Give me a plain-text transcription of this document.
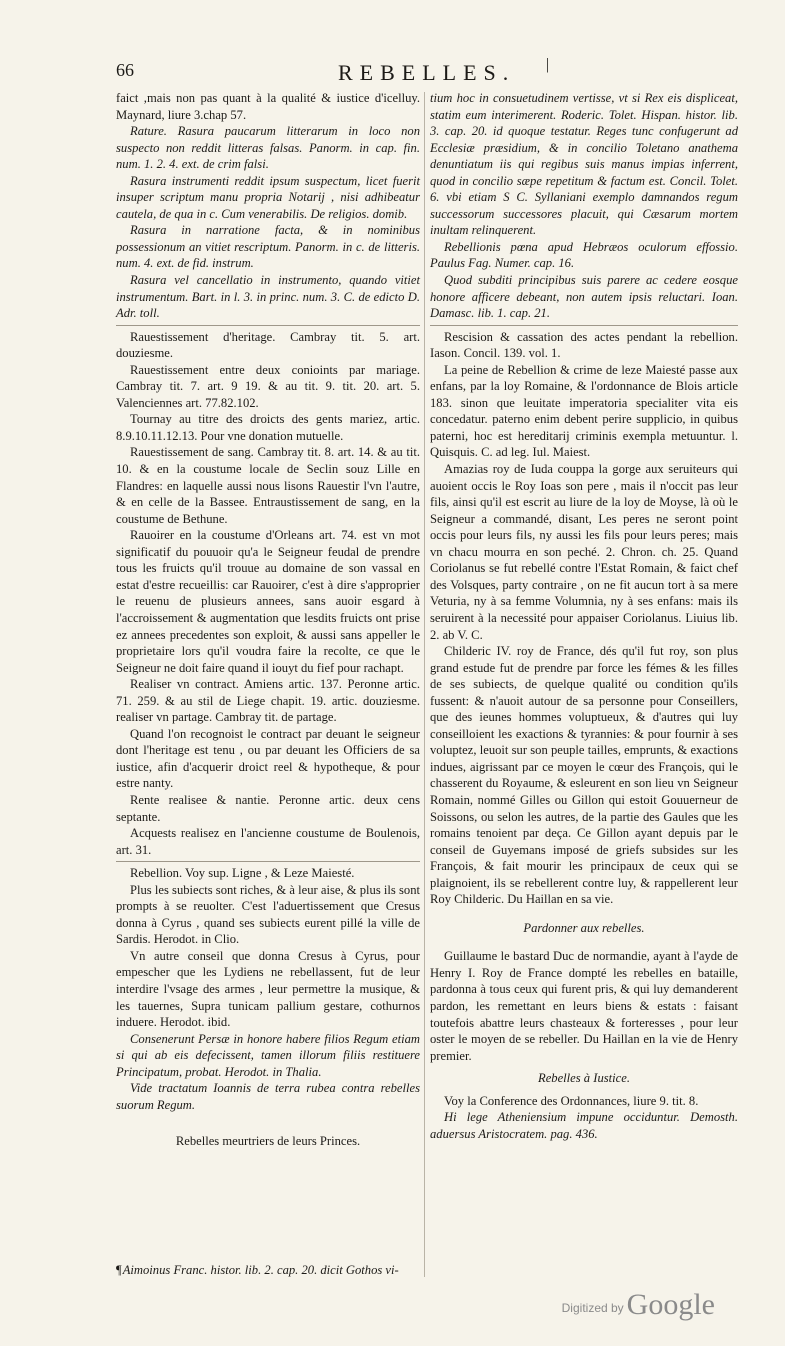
66	REBELLES. |

faict ,mais non pas quant à la qualité & iustice d'icelluy. Maynard, liure 3.chap 57.

Rature. Rasura paucarum litterarum in loco non suspecto non reddit litteras falsas. Panorm. in cap. fin. num. 1. 2. 4. ext. de crim falsi.

Rasura instrumenti reddit ipsum suspectum, licet fuerit insuper scriptum manu propria Notarij , nisi adhibeatur cautela, de qua in c. Cum venerabilis. De religios. domib.

Rasura in narratione facta, & in nominibus possessionum an vitiet rescriptum. Panorm. in c. de litteris. num. 4. ext. de fid. instrum.

Rasura vel cancellatio in instrumento, quando vitiet instrumentum. Bart. in l. 3. in princ. num. 3. C. de edicto D. Adr. toll.

Rauestissement d'heritage. Cambray tit. 5. art. douziesme.

Rauestissement entre deux conioints par mariage. Cambray tit. 7. art. 9 19. & au tit. 9. tit. 20. art. 5. Valenciennes art. 77.82.102.

Tournay au titre des droicts des gents mariez, artic. 8.9.10.11.12.13. Pour vne donation mutuelle.

Rauestissement de sang. Cambray tit. 8. art. 14. & au tit. 10. & en la coustume locale de Seclin souz Lille en Flandres: en laquelle aussi nous lisons Rauestir l'vn l'autre, & en celle de la Bassee. Entraustissement de sang, en la coustume de Bethune.

Rauoirer en la coustume d'Orleans art. 74. est vn mot significatif du pouuoir qu'a le Seigneur feudal de prendre tous les fruicts qu'il trouue au domaine de son vassal en estat d'estre recueillis: car Rauoirer, c'est à dire s'approprier le reuenu de plusieurs annees, sans auoir esgard à l'accroissement & augmentation que lesdits fruicts ont prise ez annees precedentes son exploit, & aussi sans appeller le proprietaire lors qu'il voudra faire la recolte, ce que le Seigneur ne doit faire quand il iouyt du fief pour rachapt.

Realiser vn contract. Amiens artic. 137. Peronne artic. 71. 259. & au stil de Liege chapit. 19. artic. douziesme. realiser vn partage. Cambray tit. de partage.

Quand l'on recognoist le contract par deuant le seigneur dont l'heritage est tenu , ou par deuant les Officiers de sa iustice, afin d'acquerir droict reel & hypotheque, & pour estre nanty.

Rente realisee & nantie. Peronne artic. deux cens septante.

Acquests realisez en l'ancienne coustume de Boulenois, art. 31.

Rebellion. Voy sup. Ligne , & Leze Maiesté.

Plus les subiects sont riches, & à leur aise, & plus ils sont prompts à se reuolter. C'est l'aduertissement que Cresus donna à Cyrus , quand ses subiects eurent pillé la ville de Sardis. Herodot. in Clio.

Vn autre conseil que donna Cresus à Cyrus, pour empescher que les Lydiens ne rebellassent, fut de leur interdire l'vsage des armes , leur permettre la musique, & les tauernes, Supra tunicam pallium gestare, cothurnos induere. Herodot. ibid.

Consenerunt Persæ in honore habere filios Regum etiam si qui ab eis defecissent, tamen illorum filiis restituere Principatum, probat. Herodot. in Thalia.

Vide tractatum Ioannis de terra rubea contra rebelles suorum Regum.

Rebelles meurtriers de leurs Princes.

¶Aimoinus Franc. histor. lib. 2. cap. 20. dicit Gothos vi-

tium hoc in consuetudinem vertisse, vt si Rex eis displiceat, statim eum interimerent. Roderic. Tolet. Hispan. histor. lib. 3. cap. 20. id quoque testatur. Reges tunc confugerunt ad Ecclesiæ præsidium, & in concilio Toletano anathema denuntiatum iis qui regibus suis manus impias inferrent, quod in concilio sæpe repetitum & factum est. Concil. Tolet. 6. vbi etiam S C. Syllaniani exemplo damnandos regum successorum successores placuit, qui Cæsarum mortem inultam relinquerent.

Rebellionis pœna apud Hebræos oculorum effossio. Paulus Fag. Numer. cap. 16.

Quod subditi principibus suis parere ac cedere eosque honore afficere debeant, non autem ipsis reluctari. Ioan. Damasc. lib. 1. cap. 21.

Rescision & cassation des actes pendant la rebellion. Iason. Concil. 139. vol. 1.

La peine de Rebellion & crime de leze Maiesté passe aux enfans, par la loy Romaine, & l'ordonnance de Blois article 183. sinon que leuitate imperatoria specialiter vita eis concedatur. paterno enim debent perire supplicio, in quibus paterni, hoc est hereditarij criminis exempla metuuntur. l. Quisquis. C. ad leg. Iul. Maiest.

Amazias roy de Iuda couppa la gorge aux seruiteurs qui auoient occis le Roy Ioas son pere , mais il n'occit pas leur fils, ainsi qu'il est escrit au liure de la loy de Moyse, là où le Seigneur a commandé, disant, Les peres ne seront point occis pour leurs fils, ny aussi les fils pour leurs peres; mais vn chacu mourra en son peché. 2. Chron. ch. 25. Quand Coriolanus se fut rebellé contre l'Estat Romain, & faict chef des Volsques, party contraire , on ne fit aucun tort à sa mere Veturia, ny à sa femme Volumnia, ny à ses enfans: mais ils seruirent à la necessité pour appaiser Coriolanus. Liuius lib. 2. ab V. C.

Childeric IV. roy de France, dés qu'il fut roy, son plus grand estude fut de prendre par force les fémes & les filles de ses subiects, de quelque qualité ou condition qu'ils fussent: & n'auoit autour de sa personne pour Conseillers, que des ieunes hommes voluptueux, & d'autres qui luy conseilloient les exactions & tyrannies: & pour fournir à ses voluptez, leuoit sur son peuple tailles, emprunts, & exactions indues, aigrissant par ce moyen le cœur des François, qui le chasserent du Royaume, & esleurent en son lieu vn Seigneur Romain, nommé Gilles ou Gillon qui estoit Gouuerneur de Soissons, ou selon les autres, de la partie des Gaules que les romains tenoient par deça. Ce Gillon ayant depuis par le conseil de Guyemans imposé de griefs subsides sur les François, & fait mourir les principaux de ceux qui se plaignoient, ils se rebellerent contre luy, & rappellerent leur Roy Childeric. Du Haillan en sa vie.

Pardonner aux rebelles.

Guillaume le bastard Duc de normandie, ayant à l'ayde de Henry I. Roy de France dompté les rebelles en bataille, pardonna à tous ceux qui furent pris, & qui luy demanderent pardon, les remettant en leurs biens & estats : faisant toutefois abattre leurs chasteaux & forteresses , pour leur oster le moyen de se rebeller. Du Haillan en la vie de Henry premier.

Rebelles à Iustice.

Voy la Conference des Ordonnances, liure 9. tit. 8.

Hi lege Atheniensium impune occiduntur. Demosth. aduersus Aristocratem. pag. 436.

Digitized by Google
